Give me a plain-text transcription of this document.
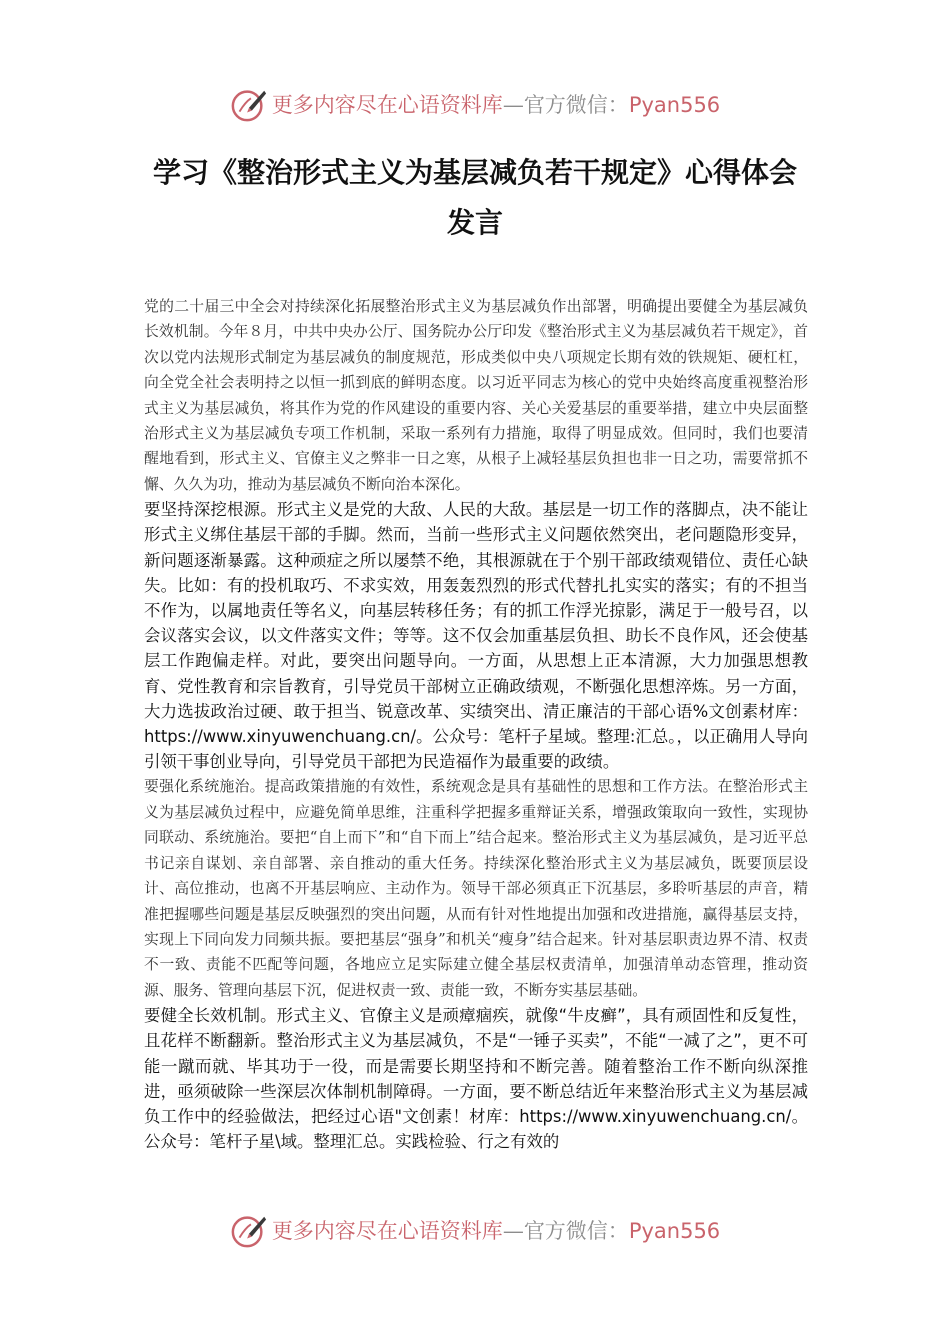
更多内容尽在心语资料库—官方微信：Pyan556
学习《整治形式主义为基层减负若干规定》心得体会发言

党的二十届三中全会对持续深化拓展整治形式主义为基层减负作出部署，明确提出要健全为基层减负长效机制。今年８月，中共中央办公厅、国务院办公厅印发《整治形式主义为基层减负若干规定》，首次以党内法规形式制定为基层减负的制度规范，形成类似中央八项规定长期有效的铁规矩、硬杠杠，向全党全社会表明持之以恒一抓到底的鲜明态度。以习近平同志为核心的党中央始终高度重视整治形式主义为基层减负，将其作为党的作风建设的重要内容、关心关爱基层的重要举措，建立中央层面整治形式主义为基层减负专项工作机制，采取一系列有力措施，取得了明显成效。但同时，我们也要清醒地看到，形式主义、官僚主义之弊非一日之寒，从根子上减轻基层负担也非一日之功，需要常抓不懈、久久为功，推动为基层减负不断向治本深化。

要坚持深挖根源。形式主义是党的大敌、人民的大敌。基层是一切工作的落脚点，决不能让形式主义绑住基层干部的手脚。然而，当前一些形式主义问题依然突出，老问题隐形变异，新问题逐渐暴露。这种顽症之所以屡禁不绝，其根源就在于个别干部政绩观错位、责任心缺失。比如：有的投机取巧、不求实效，用轰轰烈烈的形式代替扎扎实实的落实；有的不担当不作为，以属地责任等名义，向基层转移任务；有的抓工作浮光掠影，满足于一般号召，以会议落实会议，以文件落实文件；等等。这不仅会加重基层负担、助长不良作风，还会使基层工作跑偏走样。对此，要突出问题导向。一方面，从思想上正本清源，大力加强思想教育、党性教育和宗旨教育，引导党员干部树立正确政绩观，不断强化思想淬炼。另一方面，大力选拔政治过硬、敢于担当、锐意改革、实绩突出、清正廉洁的干部心语%文创素材库：https://www.xinyuwenchuang.cn/。公众号：笔杆子星域。整理:汇总。，以正确用人导向引领干事创业导向，引导党员干部把为民造福作为最重要的政绩。

要强化系统施治。提高政策措施的有效性，系统观念是具有基础性的思想和工作方法。在整治形式主义为基层减负过程中，应避免简单思维，注重科学把握多重辩证关系，增强政策取向一致性，实现协同联动、系统施治。要把“自上而下”和“自下而上”结合起来。整治形式主义为基层减负，是习近平总书记亲自谋划、亲自部署、亲自推动的重大任务。持续深化整治形式主义为基层减负，既要顶层设计、高位推动，也离不开基层响应、主动作为。领导干部必须真正下沉基层，多聆听基层的声音，精准把握哪些问题是基层反映强烈的突出问题，从而有针对性地提出加强和改进措施，赢得基层支持，实现上下同向发力同频共振。要把基层“强身”和机关“瘦身”结合起来。针对基层职责边界不清、权责不一致、责能不匹配等问题，各地应立足实际建立健全基层权责清单，加强清单动态管理，推动资源、服务、管理向基层下沉，促进权责一致、责能一致，不断夯实基层基础。

要健全长效机制。形式主义、官僚主义是顽瘴痼疾，就像“牛皮癣”，具有顽固性和反复性，且花样不断翻新。整治形式主义为基层减负，不是“一锤子买卖”，不能“一减了之”，更不可能一蹴而就、毕其功于一役，而是需要长期坚持和不断完善。随着整治工作不断向纵深推进，亟须破除一些深层次体制机制障碍。一方面，要不断总结近年来整治形式主义为基层减负工作中的经验做法，把经过心语"文创素！材库：https://www.xinyuwenchuang.cn/。公众号：笔杆子星\域。整理汇总。实践检验、行之有效的

更多内容尽在心语资料库—官方微信：Pyan556
